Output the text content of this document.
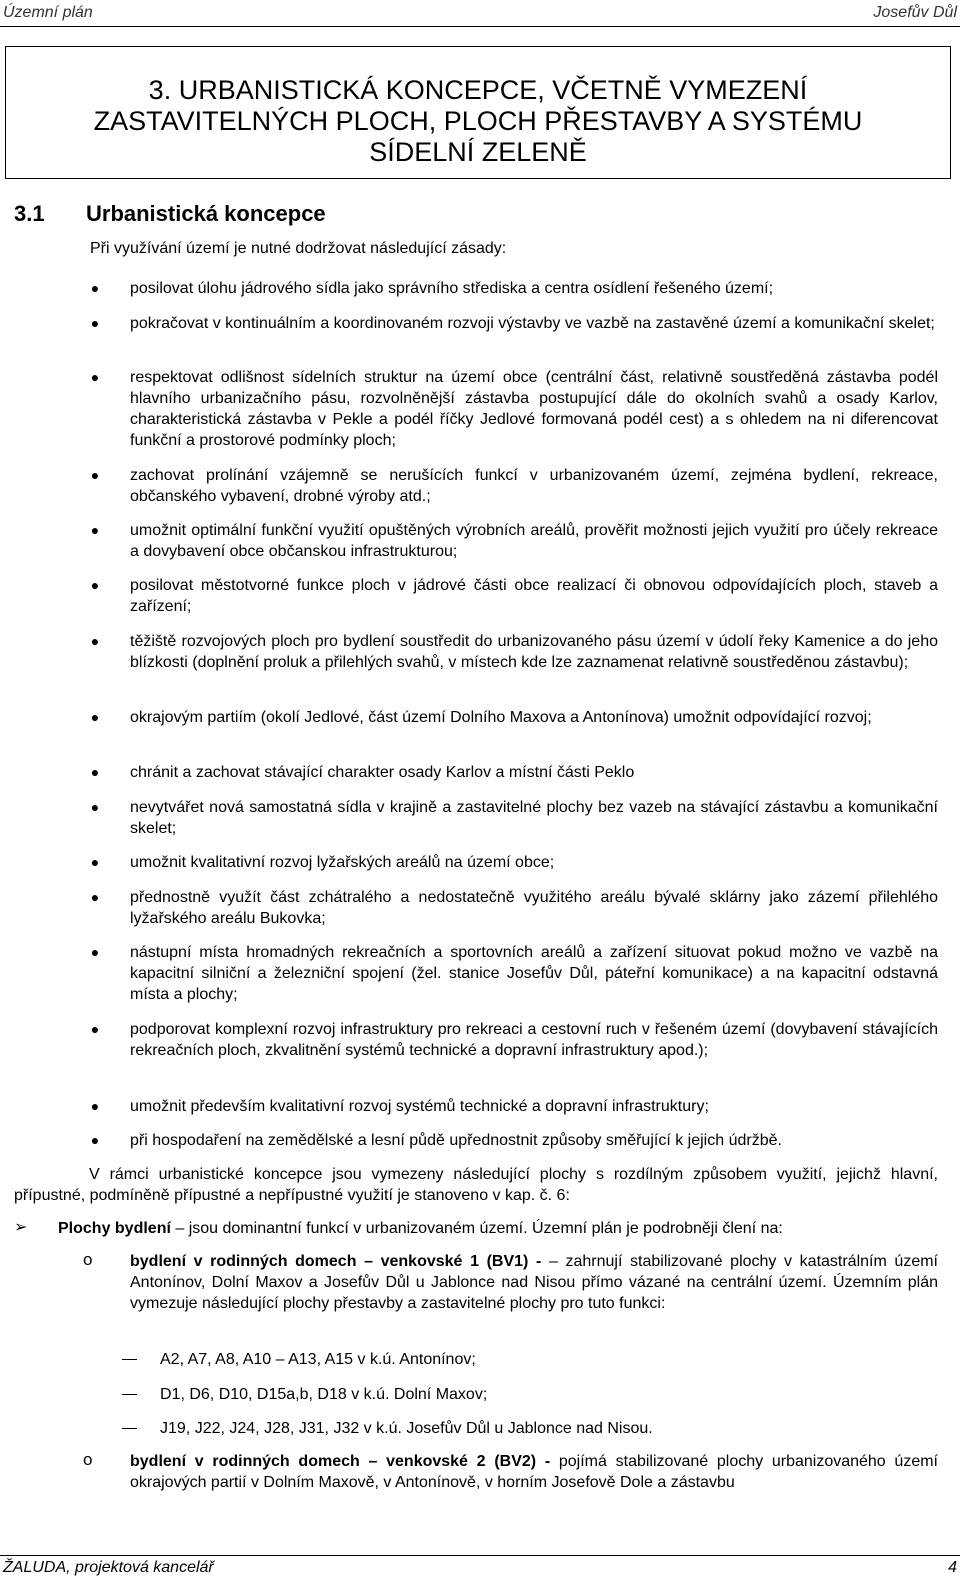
Územní plán	Josefův Důl
3. URBANISTICKÁ KONCEPCE, VČETNĚ VYMEZENÍ
ZASTAVITELNÝCH PLOCH, PLOCH PŘESTAVBY A SYSTÉMU
SÍDELNÍ ZELENĚ
3.1 Urbanistická koncepce
Při využívání území je nutné dodržovat následující zásady:
●	posilovat úlohu jádrového sídla jako správního střediska a centra osídlení řešeného území;
●	pokračovat v kontinuálním a koordinovaném rozvoji výstavby ve vazbě na zastavěné území a komunikační skelet;
●	respektovat odlišnost sídelních struktur na území obce (centrální část, relativně soustředěná zástavba podél hlavního urbanizačního pásu, rozvolněnější zástavba postupující dále do okolních svahů a osady Karlov, charakteristická zástavba v Pekle a podél říčky Jedlové formovaná podél cest) a s ohledem na ni diferencovat funkční a prostorové podmínky ploch;
●	zachovat prolínání vzájemně se nerušících funkcí v urbanizovaném území, zejména bydlení, rekreace, občanského vybavení, drobné výroby atd.;
●	umožnit optimální funkční využití opuštěných výrobních areálů, prověřit možnosti jejich využití pro účely rekreace a dovybavení obce občanskou infrastrukturou;
●	posilovat městotvorné funkce ploch v jádrové části obce realizací či obnovou odpovídajících ploch, staveb a zařízení;
●	těžiště rozvojových ploch pro bydlení soustředit do urbanizovaného pásu území v údolí řeky Kamenice a do jeho blízkosti (doplnění proluk a přilehlých svahů, v místech kde lze zaznamenat relativně soustředěnou zástavbu);
●	okrajovým partiím (okolí Jedlové, část území Dolního Maxova a Antonínova) umožnit odpovídající rozvoj;
●	chránit a zachovat stávající charakter osady Karlov a místní části Peklo
●	nevytvářet nová samostatná sídla v krajině a zastavitelné plochy bez vazeb na stávající zástavbu a komunikační skelet;
●	umožnit kvalitativní rozvoj lyžařských areálů na území obce;
●	přednostně využít část zchátralého a nedostatečně využitého areálu bývalé sklárny jako zázemí přilehlého lyžařského areálu Bukovka;
●	nástupní místa hromadných rekreačních a sportovních areálů a zařízení situovat pokud možno ve vazbě na kapacitní silniční a železniční spojení (žel. stanice Josefův Důl, páteřní komunikace) a na kapacitní odstavná místa a plochy;
●	podporovat komplexní rozvoj infrastruktury pro rekreaci a cestovní ruch v řešeném území (dovybavení stávajících rekreačních ploch, zkvalitnění systémů technické a dopravní infrastruktury apod.);
●	umožnit především kvalitativní rozvoj systémů technické a dopravní infrastruktury;
●	při hospodaření na zemědělské a lesní půdě upřednostnit způsoby směřující k jejich údržbě.
V rámci urbanistické koncepce jsou vymezeny následující plochy s rozdílným způsobem využití, jejichž hlavní, přípustné, podmíněně přípustné a nepřípustné využití je stanoveno v kap. č. 6:
➢	Plochy bydlení – jsou dominantní funkcí v urbanizovaném území. Územní plán je podrobněji člení na:
o bydlení v rodinných domech – venkovské 1 (BV1) - – zahrnují stabilizované plochy v katastrálním území Antonínov, Dolní Maxov a Josefův Důl u Jablonce nad Nisou přímo vázané na centrální území. Územním plán vymezuje následující plochy přestavby a zastavitelné plochy pro tuto funkci:
A2, A7, A8, A10 – A13, A15 v k.ú. Antonínov;
D1, D6, D10, D15a,b, D18 v k.ú. Dolní Maxov;
J19, J22, J24, J28, J31, J32 v k.ú. Josefův Důl u Jablonce nad Nisou.
o bydlení v rodinných domech – venkovské 2 (BV2) - pojímá stabilizované plochy urbanizovaného území okrajových partií v Dolním Maxově, v Antonínově, v horním Josefově Dole a zástavbu
ŽALUDA, projektová kancelář	4
